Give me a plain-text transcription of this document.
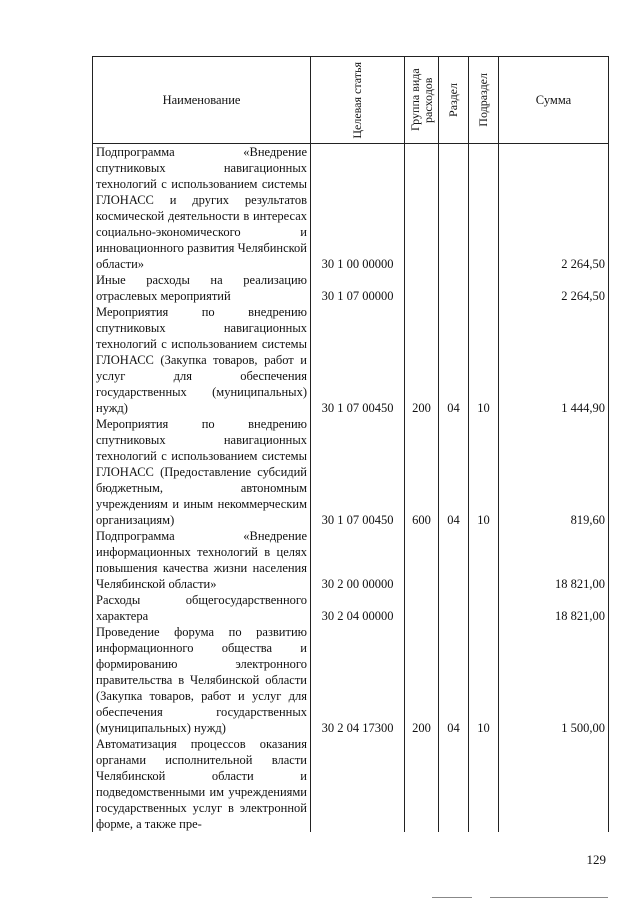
Наименование	Целевая статья	Группа вида расходов	Раздел	Подраздел	Сумма
Подпрограмма «Внедрение спутниковых навигационных технологий с использованием системы ГЛОНАСС и других результатов космической деятельности в интересах социально-экономического и инновационного развития Челябинской области»	30 1 00 00000				2 264,50
Иные расходы на реализацию отраслевых мероприятий	30 1 07 00000				2 264,50
Мероприятия по внедрению спутниковых навигационных технологий с использованием системы ГЛОНАСС (Закупка товаров, работ и услуг для обеспечения государственных (муниципальных) нужд)	30 1 07 00450	200	04	10	1 444,90
Мероприятия по внедрению спутниковых навигационных технологий с использованием системы ГЛОНАСС (Предоставление субсидий бюджетным, автономным учреждениям и иным некоммерческим организациям)	30 1 07 00450	600	04	10	819,60
Подпрограмма «Внедрение информационных технологий в целях повышения качества жизни населения Челябинской области»	30 2 00 00000				18 821,00
Расходы общегосударственного характера	30 2 04 00000				18 821,00
Проведение форума по развитию информационного общества и формированию электронного правительства в Челябинской области (Закупка товаров, работ и услуг для обеспечения государственных (муниципальных) нужд)	30 2 04 17300	200	04	10	1 500,00
Автоматизация процессов оказания органами исполнительной власти Челябинской области и подведомственными им учреждениями государственных услуг в электронной форме, а также пре-					
129
